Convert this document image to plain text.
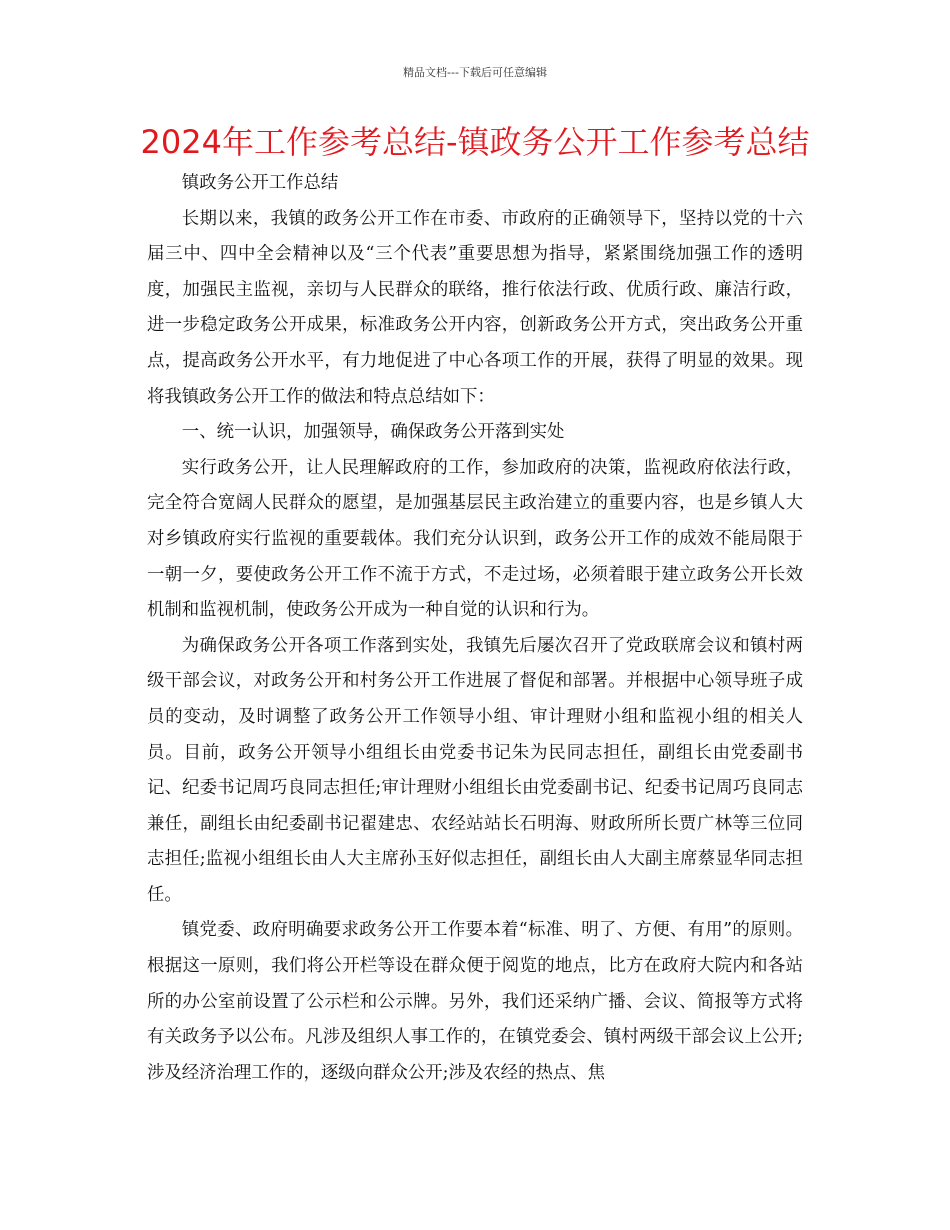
精品文档---下载后可任意编辑
2024年工作参考总结-镇政务公开工作参考总结

镇政务公开工作总结

长期以来，我镇的政务公开工作在市委、市政府的正确领导下，坚持以党的十六届三中、四中全会精神以及“三个代表”重要思想为指导，紧紧围绕加强工作的透明度，加强民主监视，亲切与人民群众的联络，推行依法行政、优质行政、廉洁行政，进一步稳定政务公开成果，标准政务公开内容，创新政务公开方式，突出政务公开重点，提高政务公开水平，有力地促进了中心各项工作的开展，获得了明显的效果。现将我镇政务公开工作的做法和特点总结如下：

一、统一认识，加强领导，确保政务公开落到实处

实行政务公开，让人民理解政府的工作，参加政府的决策，监视政府依法行政，完全符合宽阔人民群众的愿望，是加强基层民主政治建立的重要内容，也是乡镇人大对乡镇政府实行监视的重要载体。我们充分认识到，政务公开工作的成效不能局限于一朝一夕，要使政务公开工作不流于方式，不走过场，必须着眼于建立政务公开长效机制和监视机制，使政务公开成为一种自觉的认识和行为。

为确保政务公开各项工作落到实处，我镇先后屡次召开了党政联席会议和镇村两级干部会议，对政务公开和村务公开工作进展了督促和部署。并根据中心领导班子成员的变动，及时调整了政务公开工作领导小组、审计理财小组和监视小组的相关人员。目前，政务公开领导小组组长由党委书记朱为民同志担任，副组长由党委副书记、纪委书记周巧良同志担任;审计理财小组组长由党委副书记、纪委书记周巧良同志兼任，副组长由纪委副书记翟建忠、农经站站长石明海、财政所所长贾广林等三位同志担任;监视小组组长由人大主席孙玉好似志担任，副组长由人大副主席蔡显华同志担任。

镇党委、政府明确要求政务公开工作要本着“标准、明了、方便、有用”的原则。根据这一原则，我们将公开栏等设在群众便于阅览的地点，比方在政府大院内和各站所的办公室前设置了公示栏和公示牌。另外，我们还采纳广播、会议、简报等方式将有关政务予以公布。凡涉及组织人事工作的，在镇党委会、镇村两级干部会议上公开;涉及经济治理工作的，逐级向群众公开;涉及农经的热点、焦
